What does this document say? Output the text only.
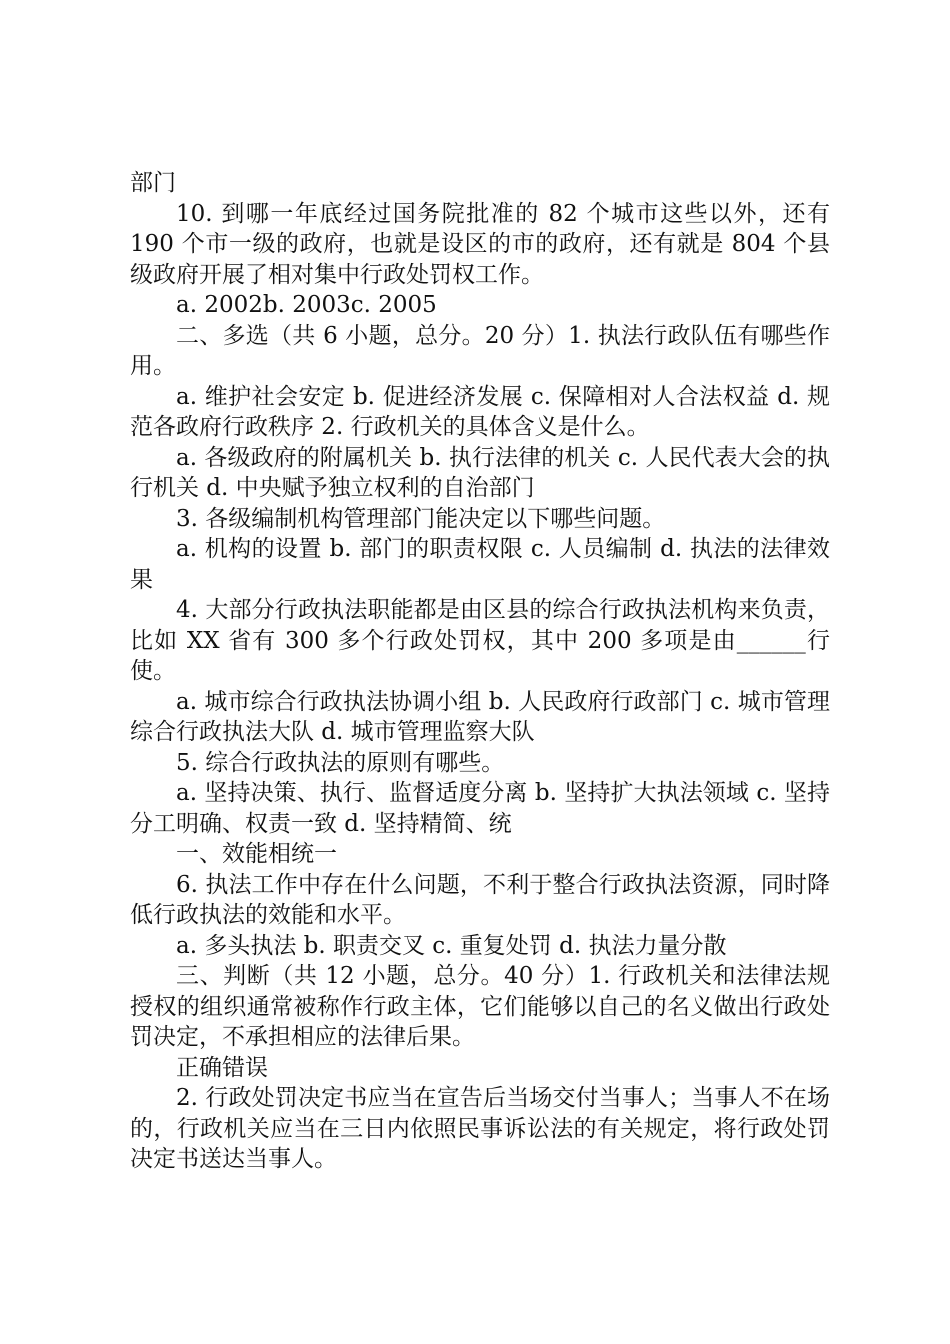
部门

10. 到哪一年底经过国务院批准的 82 个城市这些以外，还有 190 个市一级的政府，也就是设区的市的政府，还有就是 804 个县级政府开展了相对集中行政处罚权工作。

a. 2002b. 2003c. 2005

二、多选（共 6 小题，总分。20 分）1. 执法行政队伍有哪些作用。

a. 维护社会安定 b. 促进经济发展 c. 保障相对人合法权益 d. 规范各政府行政秩序 2. 行政机关的具体含义是什么。

a. 各级政府的附属机关 b. 执行法律的机关 c. 人民代表大会的执行机关 d. 中央赋予独立权利的自治部门

3. 各级编制机构管理部门能决定以下哪些问题。

a. 机构的设置 b. 部门的职责权限 c. 人员编制 d. 执法的法律效果

4. 大部分行政执法职能都是由区县的综合行政执法机构来负责，比如 XX 省有 300 多个行政处罚权，其中 200 多项是由______行使。

a. 城市综合行政执法协调小组 b. 人民政府行政部门 c. 城市管理综合行政执法大队 d. 城市管理监察大队

5. 综合行政执法的原则有哪些。

a. 坚持决策、执行、监督适度分离 b. 坚持扩大执法领域 c. 坚持分工明确、权责一致 d. 坚持精简、统

一、效能相统一

6. 执法工作中存在什么问题，不利于整合行政执法资源，同时降低行政执法的效能和水平。

a. 多头执法 b. 职责交叉 c. 重复处罚 d. 执法力量分散

三、判断（共 12 小题，总分。40 分）1. 行政机关和法律法规授权的组织通常被称作行政主体，它们能够以自己的名义做出行政处罚决定，不承担相应的法律后果。

正确错误

2. 行政处罚决定书应当在宣告后当场交付当事人；当事人不在场的，行政机关应当在三日内依照民事诉讼法的有关规定，将行政处罚决定书送达当事人。
